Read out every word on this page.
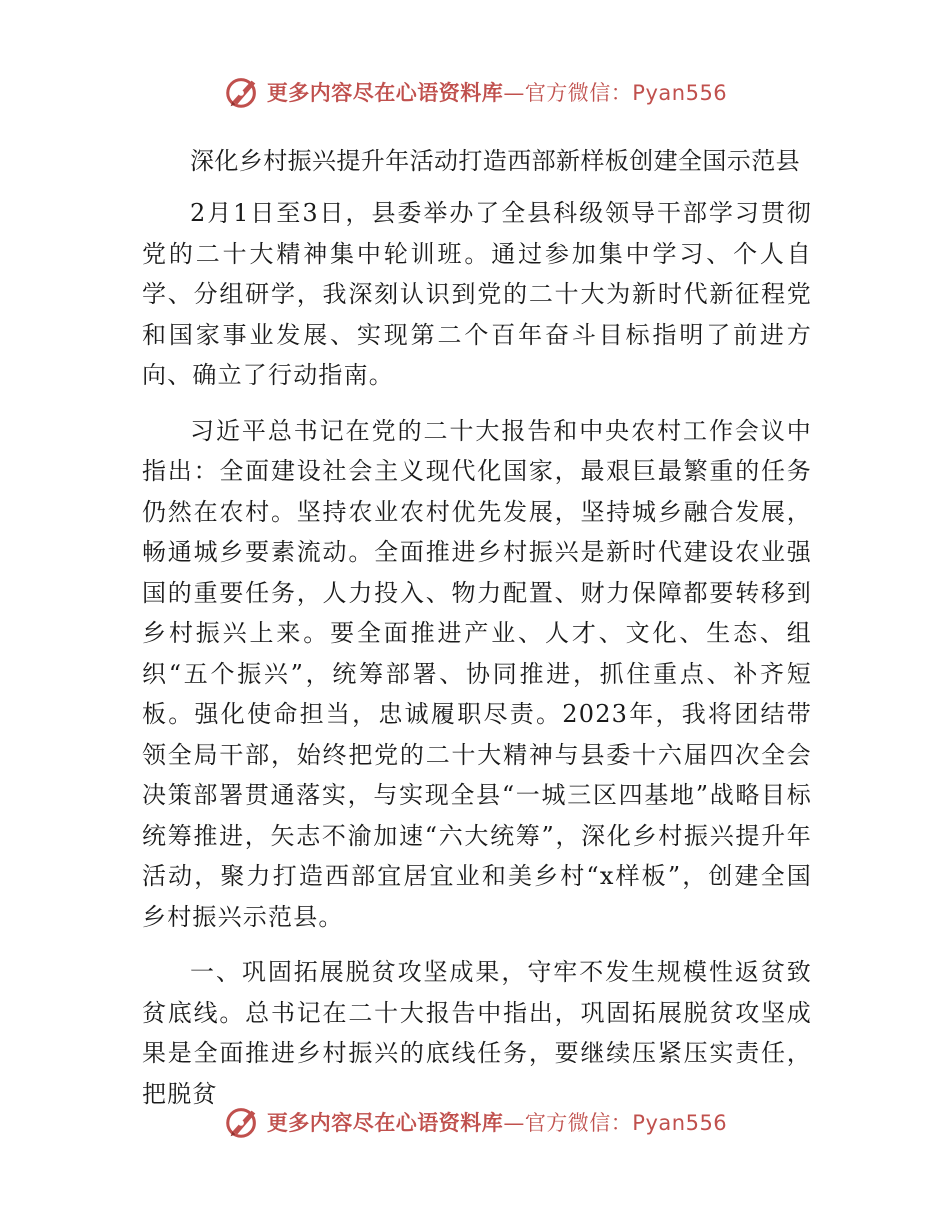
更多内容尽在心语资料库—官方微信：Pyan556
深化乡村振兴提升年活动打造西部新样板创建全国示范县

2月1日至3日，县委举办了全县科级领导干部学习贯彻党的二十大精神集中轮训班。通过参加集中学习、个人自学、分组研学，我深刻认识到党的二十大为新时代新征程党和国家事业发展、实现第二个百年奋斗目标指明了前进方向、确立了行动指南。

习近平总书记在党的二十大报告和中央农村工作会议中指出：全面建设社会主义现代化国家，最艰巨最繁重的任务仍然在农村。坚持农业农村优先发展，坚持城乡融合发展，畅通城乡要素流动。全面推进乡村振兴是新时代建设农业强国的重要任务，人力投入、物力配置、财力保障都要转移到乡村振兴上来。要全面推进产业、人才、文化、生态、组织“五个振兴”，统筹部署、协同推进，抓住重点、补齐短板。强化使命担当，忠诚履职尽责。2023年，我将团结带领全局干部，始终把党的二十大精神与县委十六届四次全会决策部署贯通落实，与实现全县“一城三区四基地”战略目标统筹推进，矢志不渝加速“六大统筹”，深化乡村振兴提升年活动，聚力打造西部宜居宜业和美乡村“x样板”，创建全国乡村振兴示范县。

一、巩固拓展脱贫攻坚成果，守牢不发生规模性返贫致贫底线。总书记在二十大报告中指出，巩固拓展脱贫攻坚成果是全面推进乡村振兴的底线任务，要继续压紧压实责任，把脱贫

更多内容尽在心语资料库—官方微信：Pyan556
